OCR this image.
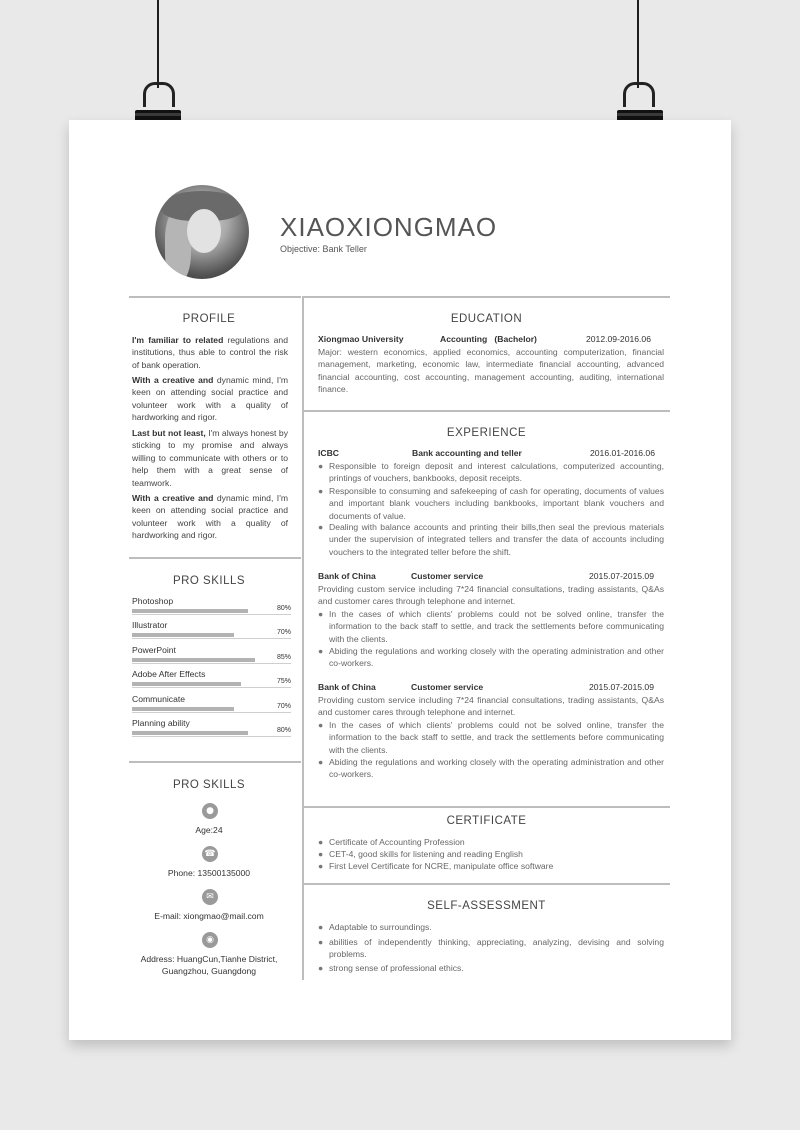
XIAOXIONGMAO
Objective: Bank Teller
PROFILE
I'm familiar to related regulations and institutions, thus able to control the risk of bank operation.
With a creative and dynamic mind, I'm keen on attending social practice and volunteer work with a quality of hardworking and rigor.
Last but not least, I'm always honest by sticking to my promise and always willing to communicate with others or to help them with a great sense of teamwork.
With a creative and dynamic mind, I'm keen on attending social practice and volunteer work with a quality of hardworking and rigor.
PRO SKILLS
Photoshop
80%
Illustrator
70%
PowerPoint
85%
Adobe After Effects
75%
Communicate
70%
Planning ability
80%
PRO SKILLS
●
Age:24
☎
Phone: 13500135000
✉
E-mail: xiongmao@mail.com
◉
Address: HuangCun,Tianhe District, Guangzhou, Guangdong
EDUCATION
Xiongmao University	Accounting   (Bachelor)	2012.09-2016.06
Major: western economics, applied economics, accounting computerization, financial management, marketing, economic law, intermediate financial accounting, advanced financial accounting, cost accounting, management accounting, auditing, international finance.
EXPERIENCE
ICBC	Bank accounting and teller	2016.01-2016.06
● Responsible to foreign deposit and interest calculations, computerized accounting, printings of vouchers, bankbooks, deposit receipts.
● Responsible to consuming and safekeeping of cash for operating, documents of values and important blank vouchers including bankbooks, important blank vouchers and documents of value.
● Dealing with balance accounts and printing their bills,then seal the previous materials under the supervision of integrated tellers and transfer the data of accounts including vouchers to the integrated teller before the shift.
Bank of China	Customer service	2015.07-2015.09
Providing custom service including 7*24 financial consultations, trading assistants, Q&As and customer cares through telephone and internet.
● In the cases of which clients' problems could not be solved online, transfer the information to the back staff to settle, and track the settlements before communicating with the clients.
● Abiding the regulations and working closely with the operating administration and other co-workers.
Bank of China	Customer service	2015.07-2015.09
Providing custom service including 7*24 financial consultations, trading assistants, Q&As and customer cares through telephone and internet.
● In the cases of which clients' problems could not be solved online, transfer the information to the back staff to settle, and track the settlements before communicating with the clients.
● Abiding the regulations and working closely with the operating administration and other co-workers.
CERTIFICATE
● Certificate of Accounting Profession
● CET-4, good skills for listening and reading English
● First Level Certificate for NCRE, manipulate office software
SELF-ASSESSMENT
● Adaptable to surroundings.
● abilities of independently thinking, appreciating, analyzing, devising and solving problems.
● strong sense of professional ethics.
